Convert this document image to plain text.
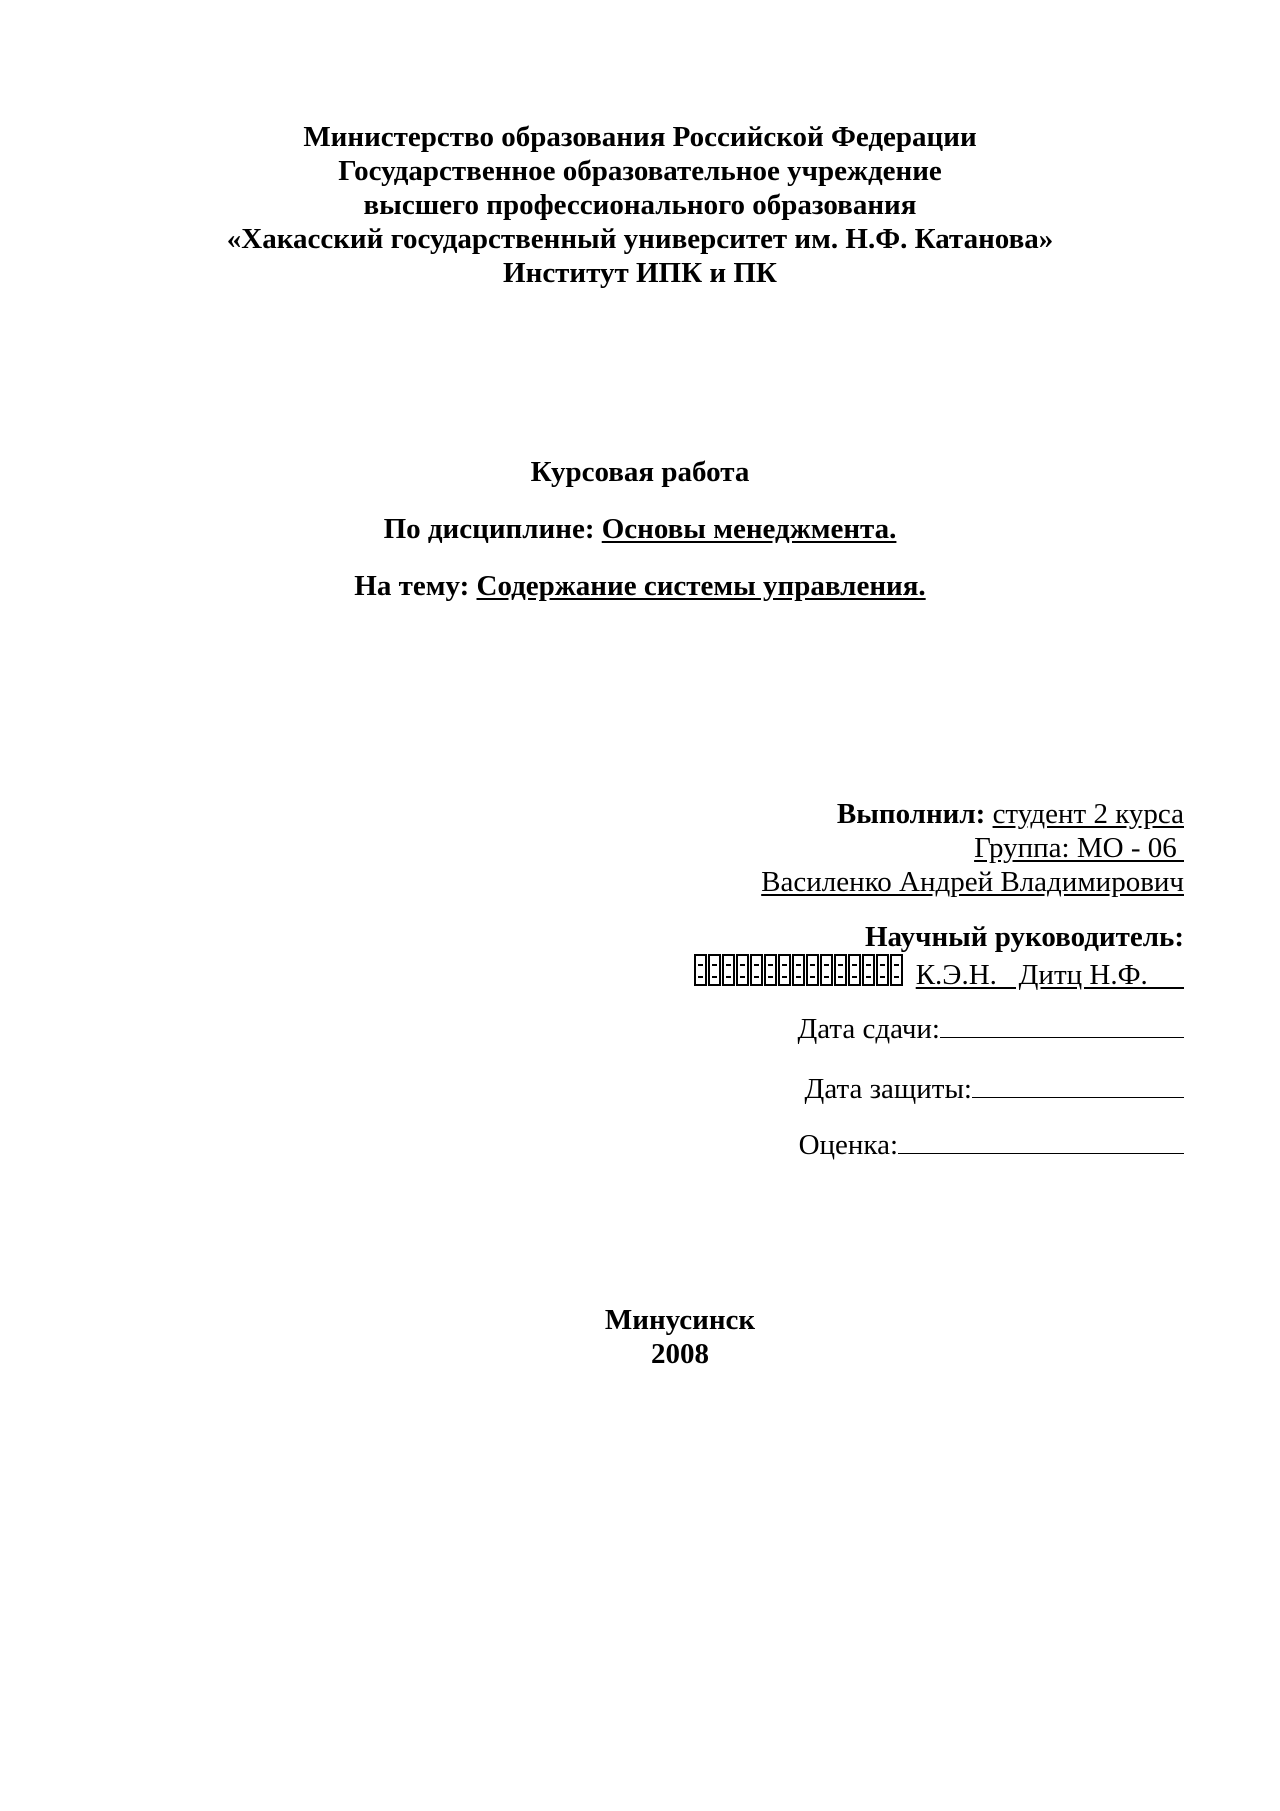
Министерство образования Российской Федерации
Государственное образовательное учреждение
высшего профессионального образования
«Хакасский государственный университет им. Н.Ф. Катанова»
Институт ИПК и ПК
Курсовая работа
По дисциплине: Основы менеджмента.
На тему: Содержание системы управления.
Выполнил: студент 2 курса
Группа: МО - 06
Василенко Андрей Владимирович
Научный руководитель:
К.Э.Н.   Дитц Н.Ф.
Дата сдачи:
Дата защиты:
Оценка:
Минусинск
2008
